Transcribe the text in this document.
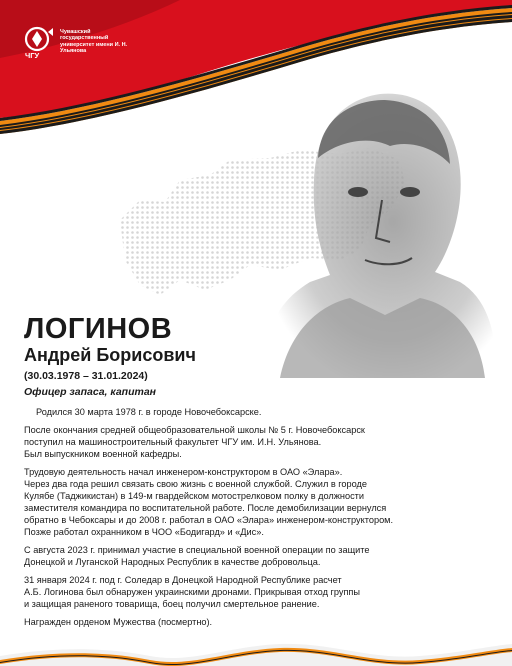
ЧГУ
Чувашский государственный университет имени И. Н. Ульянова
ЛОГИНОВ
Андрей Борисович
(30.03.1978 – 31.01.2024)
Офицер запаса, капитан

Родился 30 марта 1978 г. в городе Новочебоксарске.

После окончания средней общеобразовательной школы № 5 г. Новочебоксарск
поступил на машиностроительный факультет ЧГУ им. И.Н. Ульянова.
Был выпускником военной кафедры.

Трудовую деятельность начал инженером-конструктором в ОАО «Элара».
Через два года решил связать свою жизнь с военной службой. Служил в городе
Кулябе (Таджикистан) в 149-м гвардейском мотострелковом полку в должности
заместителя командира по воспитательной работе. После демобилизации вернулся
обратно в Чебоксары и до 2008 г. работал в ОАО «Элара» инженером-конструктором.
Позже работал охранником в ЧОО «Бодигард» и «Дис».

С августа 2023 г. принимал участие в специальной военной операции по защите
Донецкой и Луганской Народных Республик в качестве добровольца.

31 января 2024 г. под г. Соледар в Донецкой Народной Республике расчет
А.Б. Логинова был обнаружен украинскими дронами. Прикрывая отход группы
и защищая раненого товарища, боец получил смертельное ранение.

Награжден орденом Мужества (посмертно).
